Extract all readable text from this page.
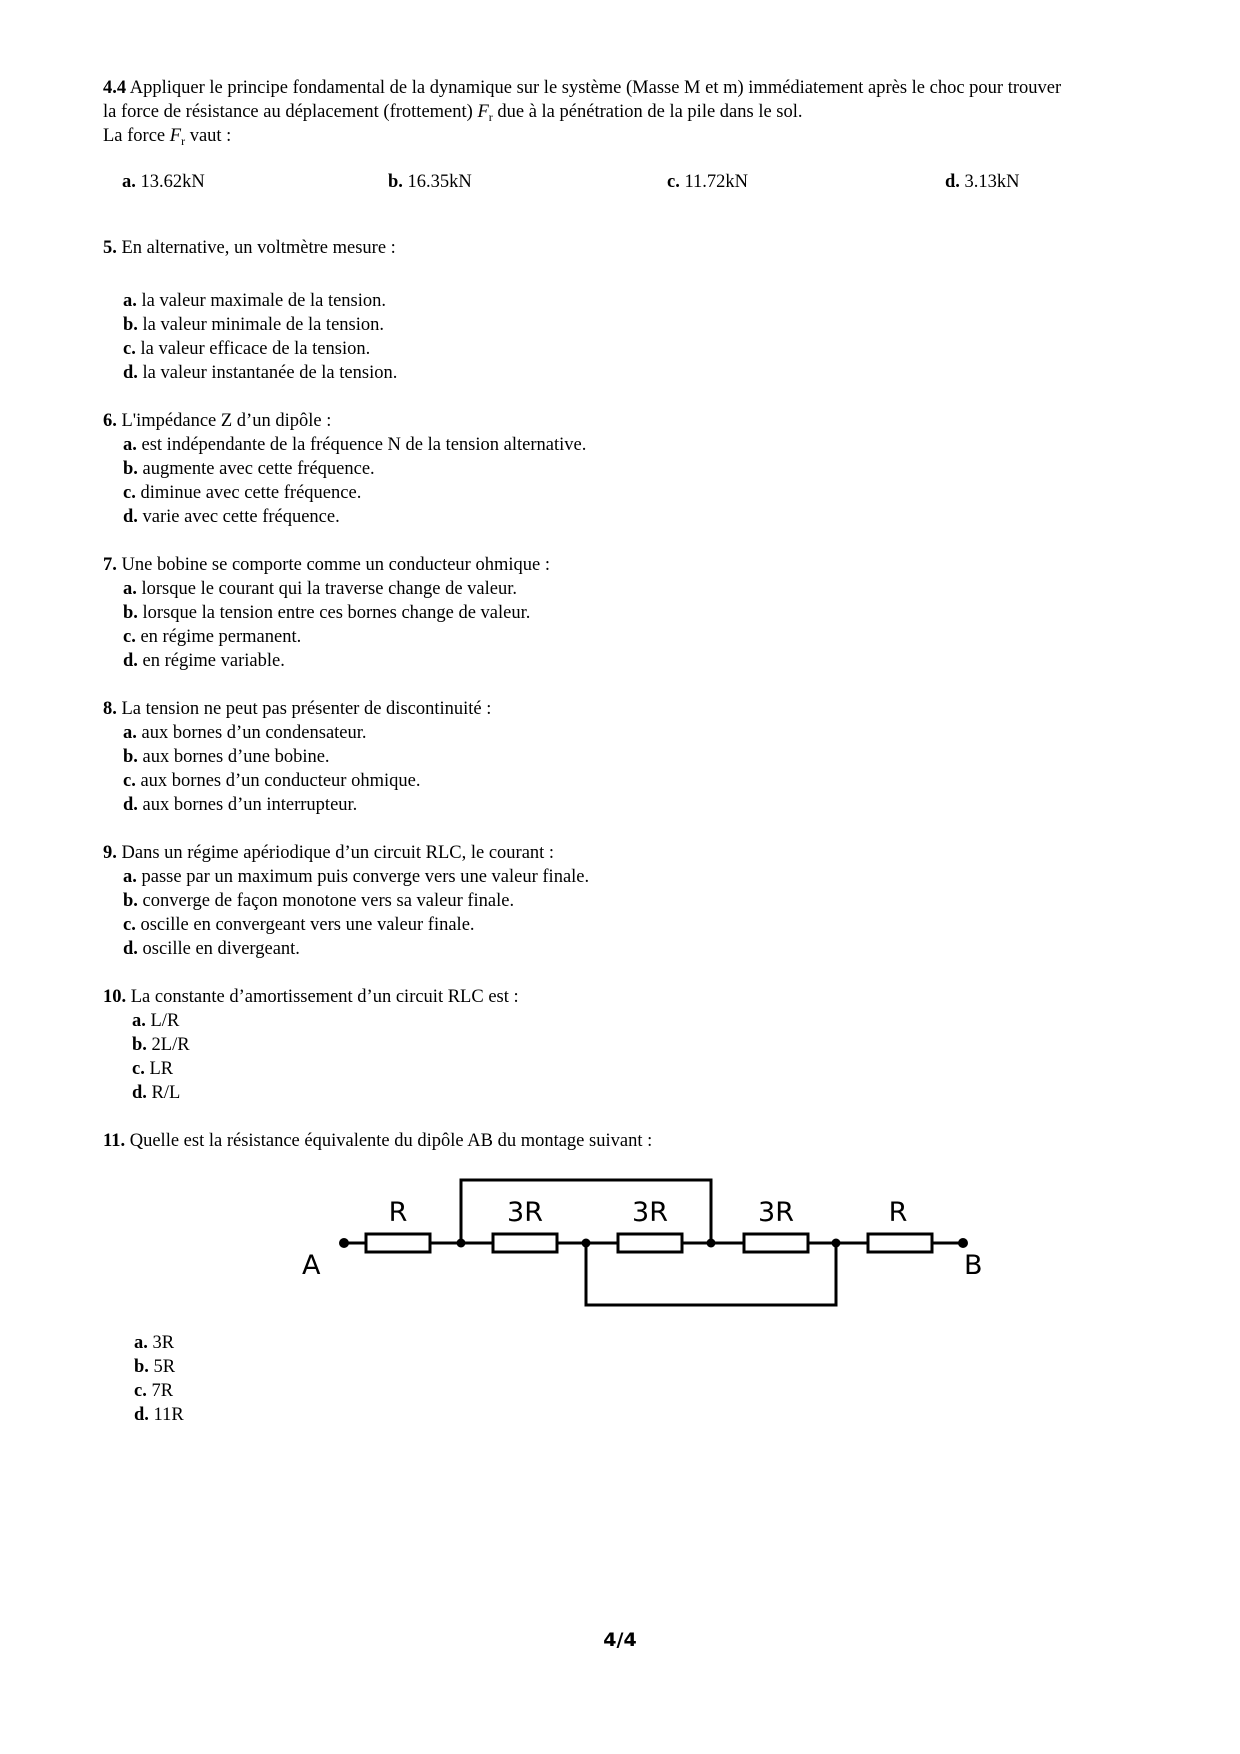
4.4 Appliquer le principe fondamental de la dynamique sur le système (Masse M et m) immédiatement après le choc pour trouver
la force de résistance au déplacement (frottement) $F_r$ due à la pénétration de la pile dans le sol.
La force $F_r$ vaut :
a. 13.62kN	b. 16.35kN	c. 11.72kN	d. 3.13kN
5. En alternative, un voltmètre mesure :
a. la valeur maximale de la tension.
b. la valeur minimale de la tension.
c. la valeur efficace de la tension.
d. la valeur instantanée de la tension.
6. L'impédance Z d’un dipôle :
a. est indépendante de la fréquence N de la tension alternative.
b. augmente avec cette fréquence.
c. diminue avec cette fréquence.
d. varie avec cette fréquence.
7. Une bobine se comporte comme un conducteur ohmique :
a. lorsque le courant qui la traverse change de valeur.
b. lorsque la tension entre ces bornes change de valeur.
c. en régime permanent.
d. en régime variable.
8. La tension ne peut pas présenter de discontinuité :
a. aux bornes d’un condensateur.
b. aux bornes d’une bobine.
c. aux bornes d’un conducteur ohmique.
d. aux bornes d’un interrupteur.
9. Dans un régime apériodique d’un circuit RLC, le courant :
a. passe par un maximum puis converge vers une valeur finale.
b. converge de façon monotone vers sa valeur finale.
c. oscille en convergeant vers une valeur finale.
d. oscille en divergeant.
10. La constante d’amortissement d’un circuit RLC est :
a. L/R
b. 2L/R
c. LR
d. R/L
11. Quelle est la résistance équivalente du dipôle AB du montage suivant :
A	B
R	3R	3R	3R	R
a. 3R
b. 5R
c. 7R
d. 11R
4/4
